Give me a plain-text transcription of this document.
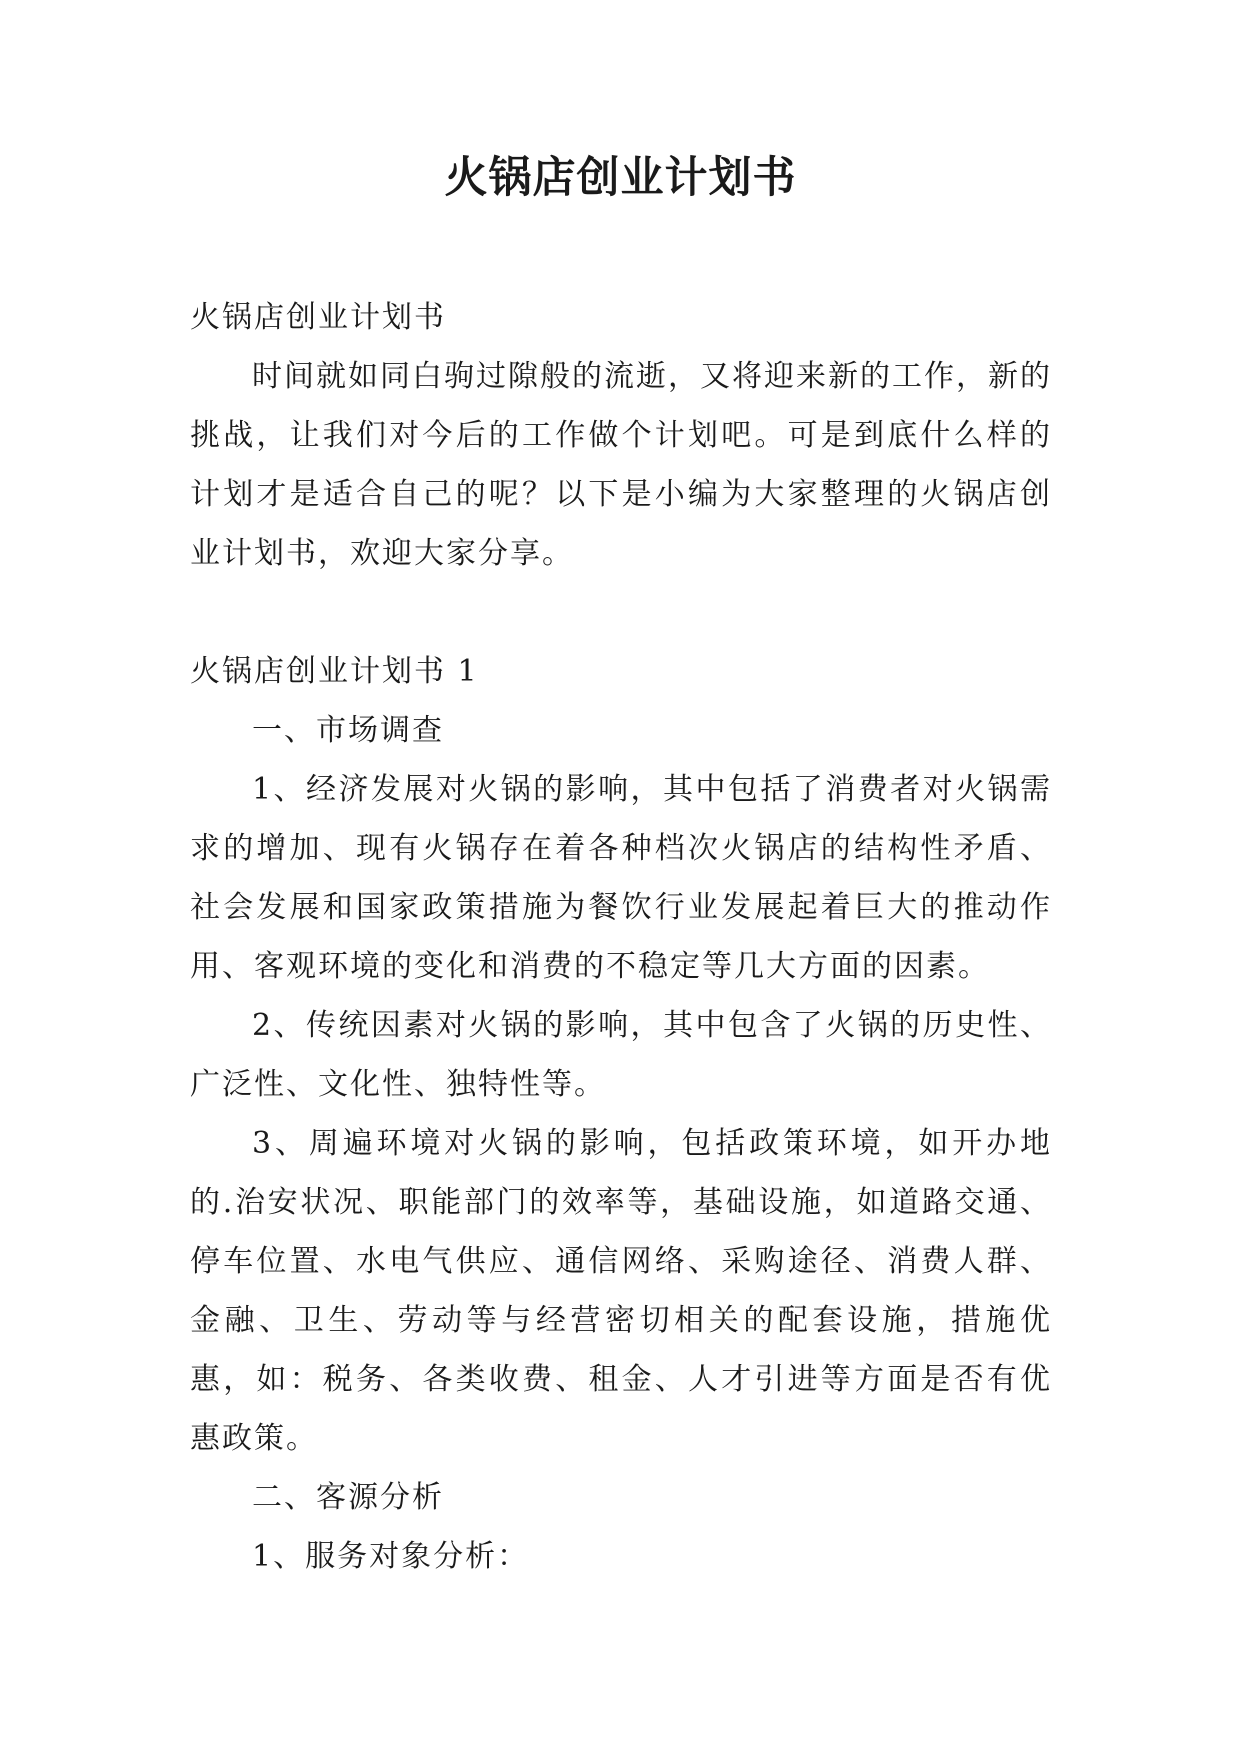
火锅店创业计划书

火锅店创业计划书

时间就如同白驹过隙般的流逝，又将迎来新的工作，新的挑战，让我们对今后的工作做个计划吧。可是到底什么样的计划才是适合自己的呢？以下是小编为大家整理的火锅店创业计划书，欢迎大家分享。

火锅店创业计划书 1

一、市场调查

1、经济发展对火锅的影响，其中包括了消费者对火锅需求的增加、现有火锅存在着各种档次火锅店的结构性矛盾、社会发展和国家政策措施为餐饮行业发展起着巨大的推动作用、客观环境的变化和消费的不稳定等几大方面的因素。

2、传统因素对火锅的影响，其中包含了火锅的历史性、广泛性、文化性、独特性等。

3、周遍环境对火锅的影响，包括政策环境，如开办地的.治安状况、职能部门的效率等，基础设施，如道路交通、停车位置、水电气供应、通信网络、采购途径、消费人群、金融、卫生、劳动等与经营密切相关的配套设施，措施优惠，如：税务、各类收费、租金、人才引进等方面是否有优惠政策。

二、客源分析

1、服务对象分析：
